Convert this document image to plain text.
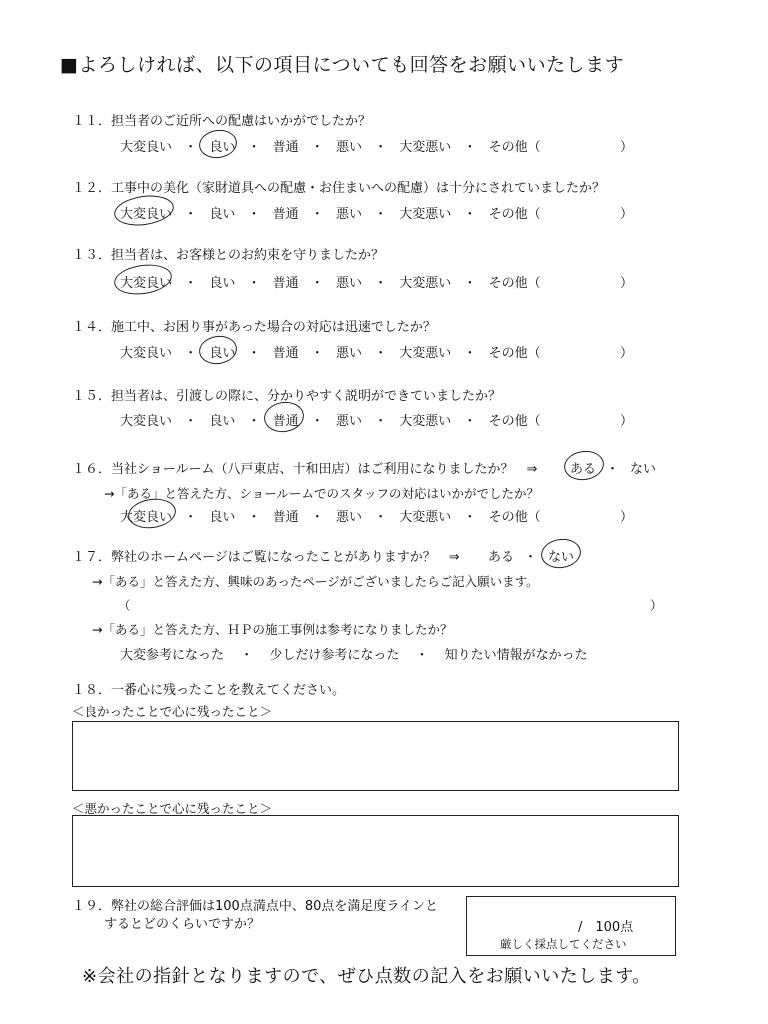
■よろしければ、以下の項目についても回答をお願いいたします
１１．担当者のご近所への配慮はいかがでしたか？
大変良い ・ 良い ・ 普通 ・ 悪い ・ 大変悪い ・ その他（	）
１２．工事中の美化（家財道具への配慮・お住まいへの配慮）は十分にされていましたか？
大変良い ・ 良い ・ 普通 ・ 悪い ・ 大変悪い ・ その他（	）
１３．担当者は、お客様とのお約束を守りましたか？
大変良い ・ 良い ・ 普通 ・ 悪い ・ 大変悪い ・ その他（	）
１４．施工中、お困り事があった場合の対応は迅速でしたか？
大変良い ・ 良い ・ 普通 ・ 悪い ・ 大変悪い ・ その他（	）
１５．担当者は、引渡しの際に、分かりやすく説明ができていましたか？
大変良い ・ 良い ・ 普通 ・ 悪い ・ 大変悪い ・ その他（	）
１６．当社ショールーム（八戸東店、十和田店）はご利用になりましたか？　⇒	ある ・ ない
→「ある」と答えた方、ショールームでのスタッフの対応はいかがでしたか？
大変良い ・ 良い ・ 普通 ・ 悪い ・ 大変悪い ・ その他（	）
１７．弊社のホームページはご覧になったことがありますか？　⇒ ある ・ ない
→「ある」と答えた方、興味のあったページがございましたらご記入願います。
（	）
→「ある」と答えた方、ＨＰの施工事例は参考になりましたか？
大変参考になった ・ 少しだけ参考になった ・ 知りたい情報がなかった
１８．一番心に残ったことを教えてください。
＜良かったことで心に残ったこと＞
＜悪かったことで心に残ったこと＞
１９．弊社の総合評価は100点満点中、80点を満足度ラインと
するとどのくらいですか？	/　100点
厳しく採点してください
※会社の指針となりますので、ぜひ点数の記入をお願いいたします。
